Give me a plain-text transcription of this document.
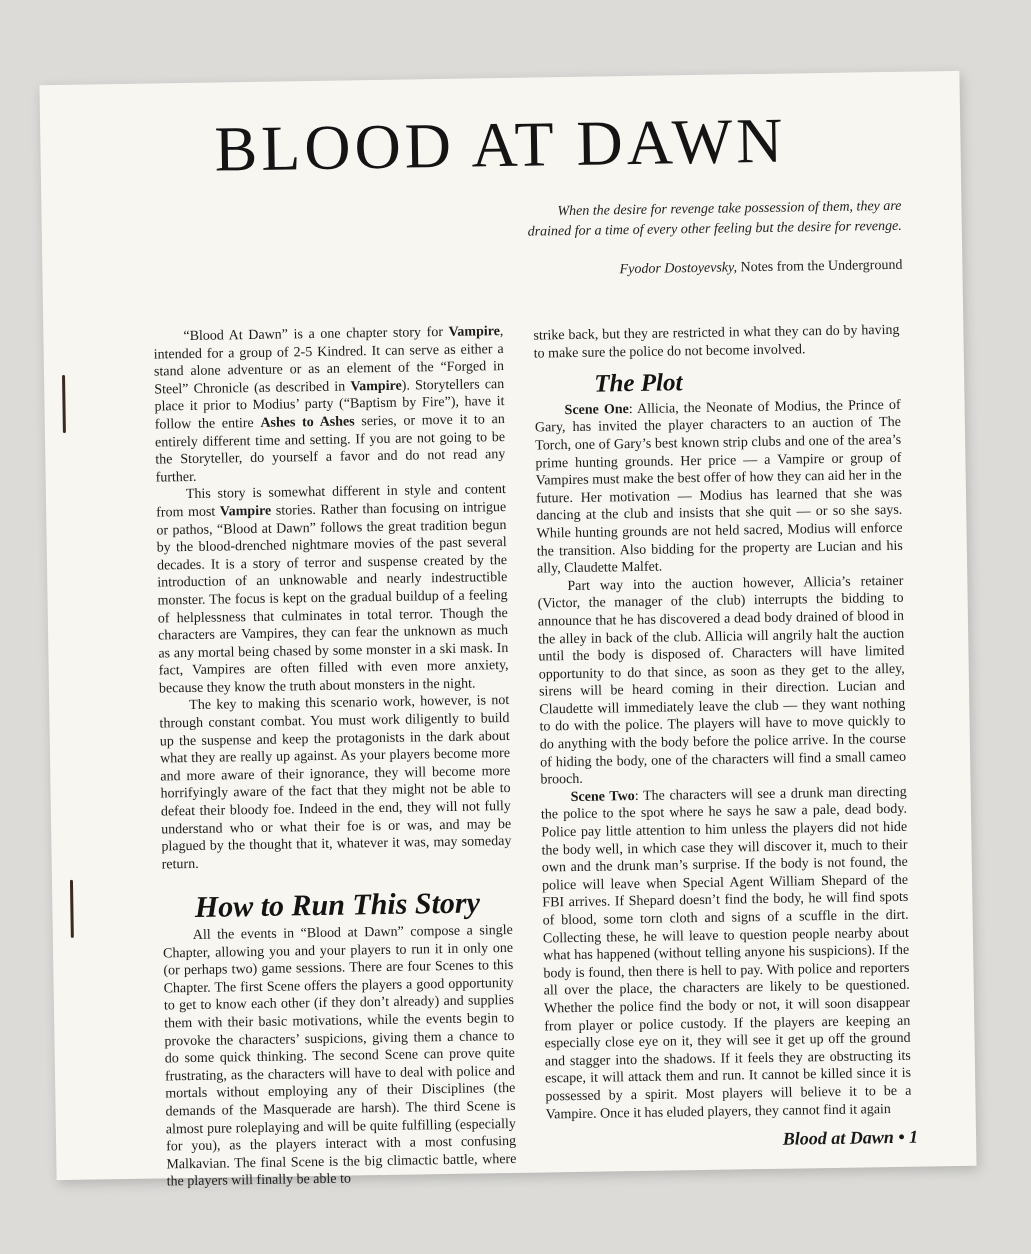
BLOOD AT DAWN
When the desire for revenge take possession of them, they are
drained for a time of every other feeling but the desire for revenge.
Fyodor Dostoyevsky, Notes from the Underground

“Blood At Dawn” is a one chapter story for Vampire, intended for a group of 2-5 Kindred. It can serve as either a stand alone adventure or as an element of the “Forged in Steel” Chronicle (as described in Vampire). Storytellers can place it prior to Modius’ party (“Baptism by Fire”), have it follow the entire Ashes to Ashes series, or move it to an entirely different time and setting. If you are not going to be the Storyteller, do yourself a favor and do not read any further.

This story is somewhat different in style and content from most Vampire stories. Rather than focusing on intrigue or pathos, “Blood at Dawn” follows the great tradition begun by the blood-drenched nightmare movies of the past several decades. It is a story of terror and suspense created by the introduction of an unknowable and nearly indestructible monster. The focus is kept on the gradual buildup of a feeling of helplessness that culminates in total terror. Though the characters are Vampires, they can fear the unknown as much as any mortal being chased by some monster in a ski mask. In fact, Vampires are often filled with even more anxiety, because they know the truth about monsters in the night.

The key to making this scenario work, however, is not through constant combat. You must work diligently to build up the suspense and keep the protagonists in the dark about what they are really up against. As your players become more and more aware of their ignorance, they will become more horrifyingly aware of the fact that they might not be able to defeat their bloody foe. Indeed in the end, they will not fully understand who or what their foe is or was, and may be plagued by the thought that it, whatever it was, may someday return.

How to Run This Story

All the events in “Blood at Dawn” compose a single Chapter, allowing you and your players to run it in only one (or perhaps two) game sessions. There are four Scenes to this Chapter. The first Scene offers the players a good opportunity to get to know each other (if they don’t already) and supplies them with their basic motivations, while the events begin to provoke the characters’ suspicions, giving them a chance to do some quick thinking. The second Scene can prove quite frustrating, as the characters will have to deal with police and mortals without employing any of their Disciplines (the demands of the Masquerade are harsh). The third Scene is almost pure roleplaying and will be quite fulfilling (especially for you), as the players interact with a most confusing Malkavian. The final Scene is the big climactic battle, where the players will finally be able to

strike back, but they are restricted in what they can do by having to make sure the police do not become involved.

The Plot

Scene One: Allicia, the Neonate of Modius, the Prince of Gary, has invited the player characters to an auction of The Torch, one of Gary’s best known strip clubs and one of the area’s prime hunting grounds. Her price — a Vampire or group of Vampires must make the best offer of how they can aid her in the future. Her motivation — Modius has learned that she was dancing at the club and insists that she quit — or so she says. While hunting grounds are not held sacred, Modius will enforce the transition. Also bidding for the property are Lucian and his ally, Claudette Malfet.

Part way into the auction however, Allicia’s retainer (Victor, the manager of the club) interrupts the bidding to announce that he has discovered a dead body drained of blood in the alley in back of the club. Allicia will angrily halt the auction until the body is disposed of. Characters will have limited opportunity to do that since, as soon as they get to the alley, sirens will be heard coming in their direction. Lucian and Claudette will immediately leave the club — they want nothing to do with the police. The players will have to move quickly to do anything with the body before the police arrive. In the course of hiding the body, one of the characters will find a small cameo brooch.

Scene Two: The characters will see a drunk man directing the police to the spot where he says he saw a pale, dead body. Police pay little attention to him unless the players did not hide the body well, in which case they will discover it, much to their own and the drunk man’s surprise. If the body is not found, the police will leave when Special Agent William Shepard of the FBI arrives. If Shepard doesn’t find the body, he will find spots of blood, some torn cloth and signs of a scuffle in the dirt. Collecting these, he will leave to question people nearby about what has happened (without telling anyone his suspicions). If the body is found, then there is hell to pay. With police and reporters all over the place, the characters are likely to be questioned. Whether the police find the body or not, it will soon disappear from player or police custody. If the players are keeping an especially close eye on it, they will see it get up off the ground and stagger into the shadows. If it feels they are obstructing its escape, it will attack them and run. It cannot be killed since it is possessed by a spirit. Most players will believe it to be a Vampire. Once it has eluded players, they cannot find it again

Blood at Dawn • 1
